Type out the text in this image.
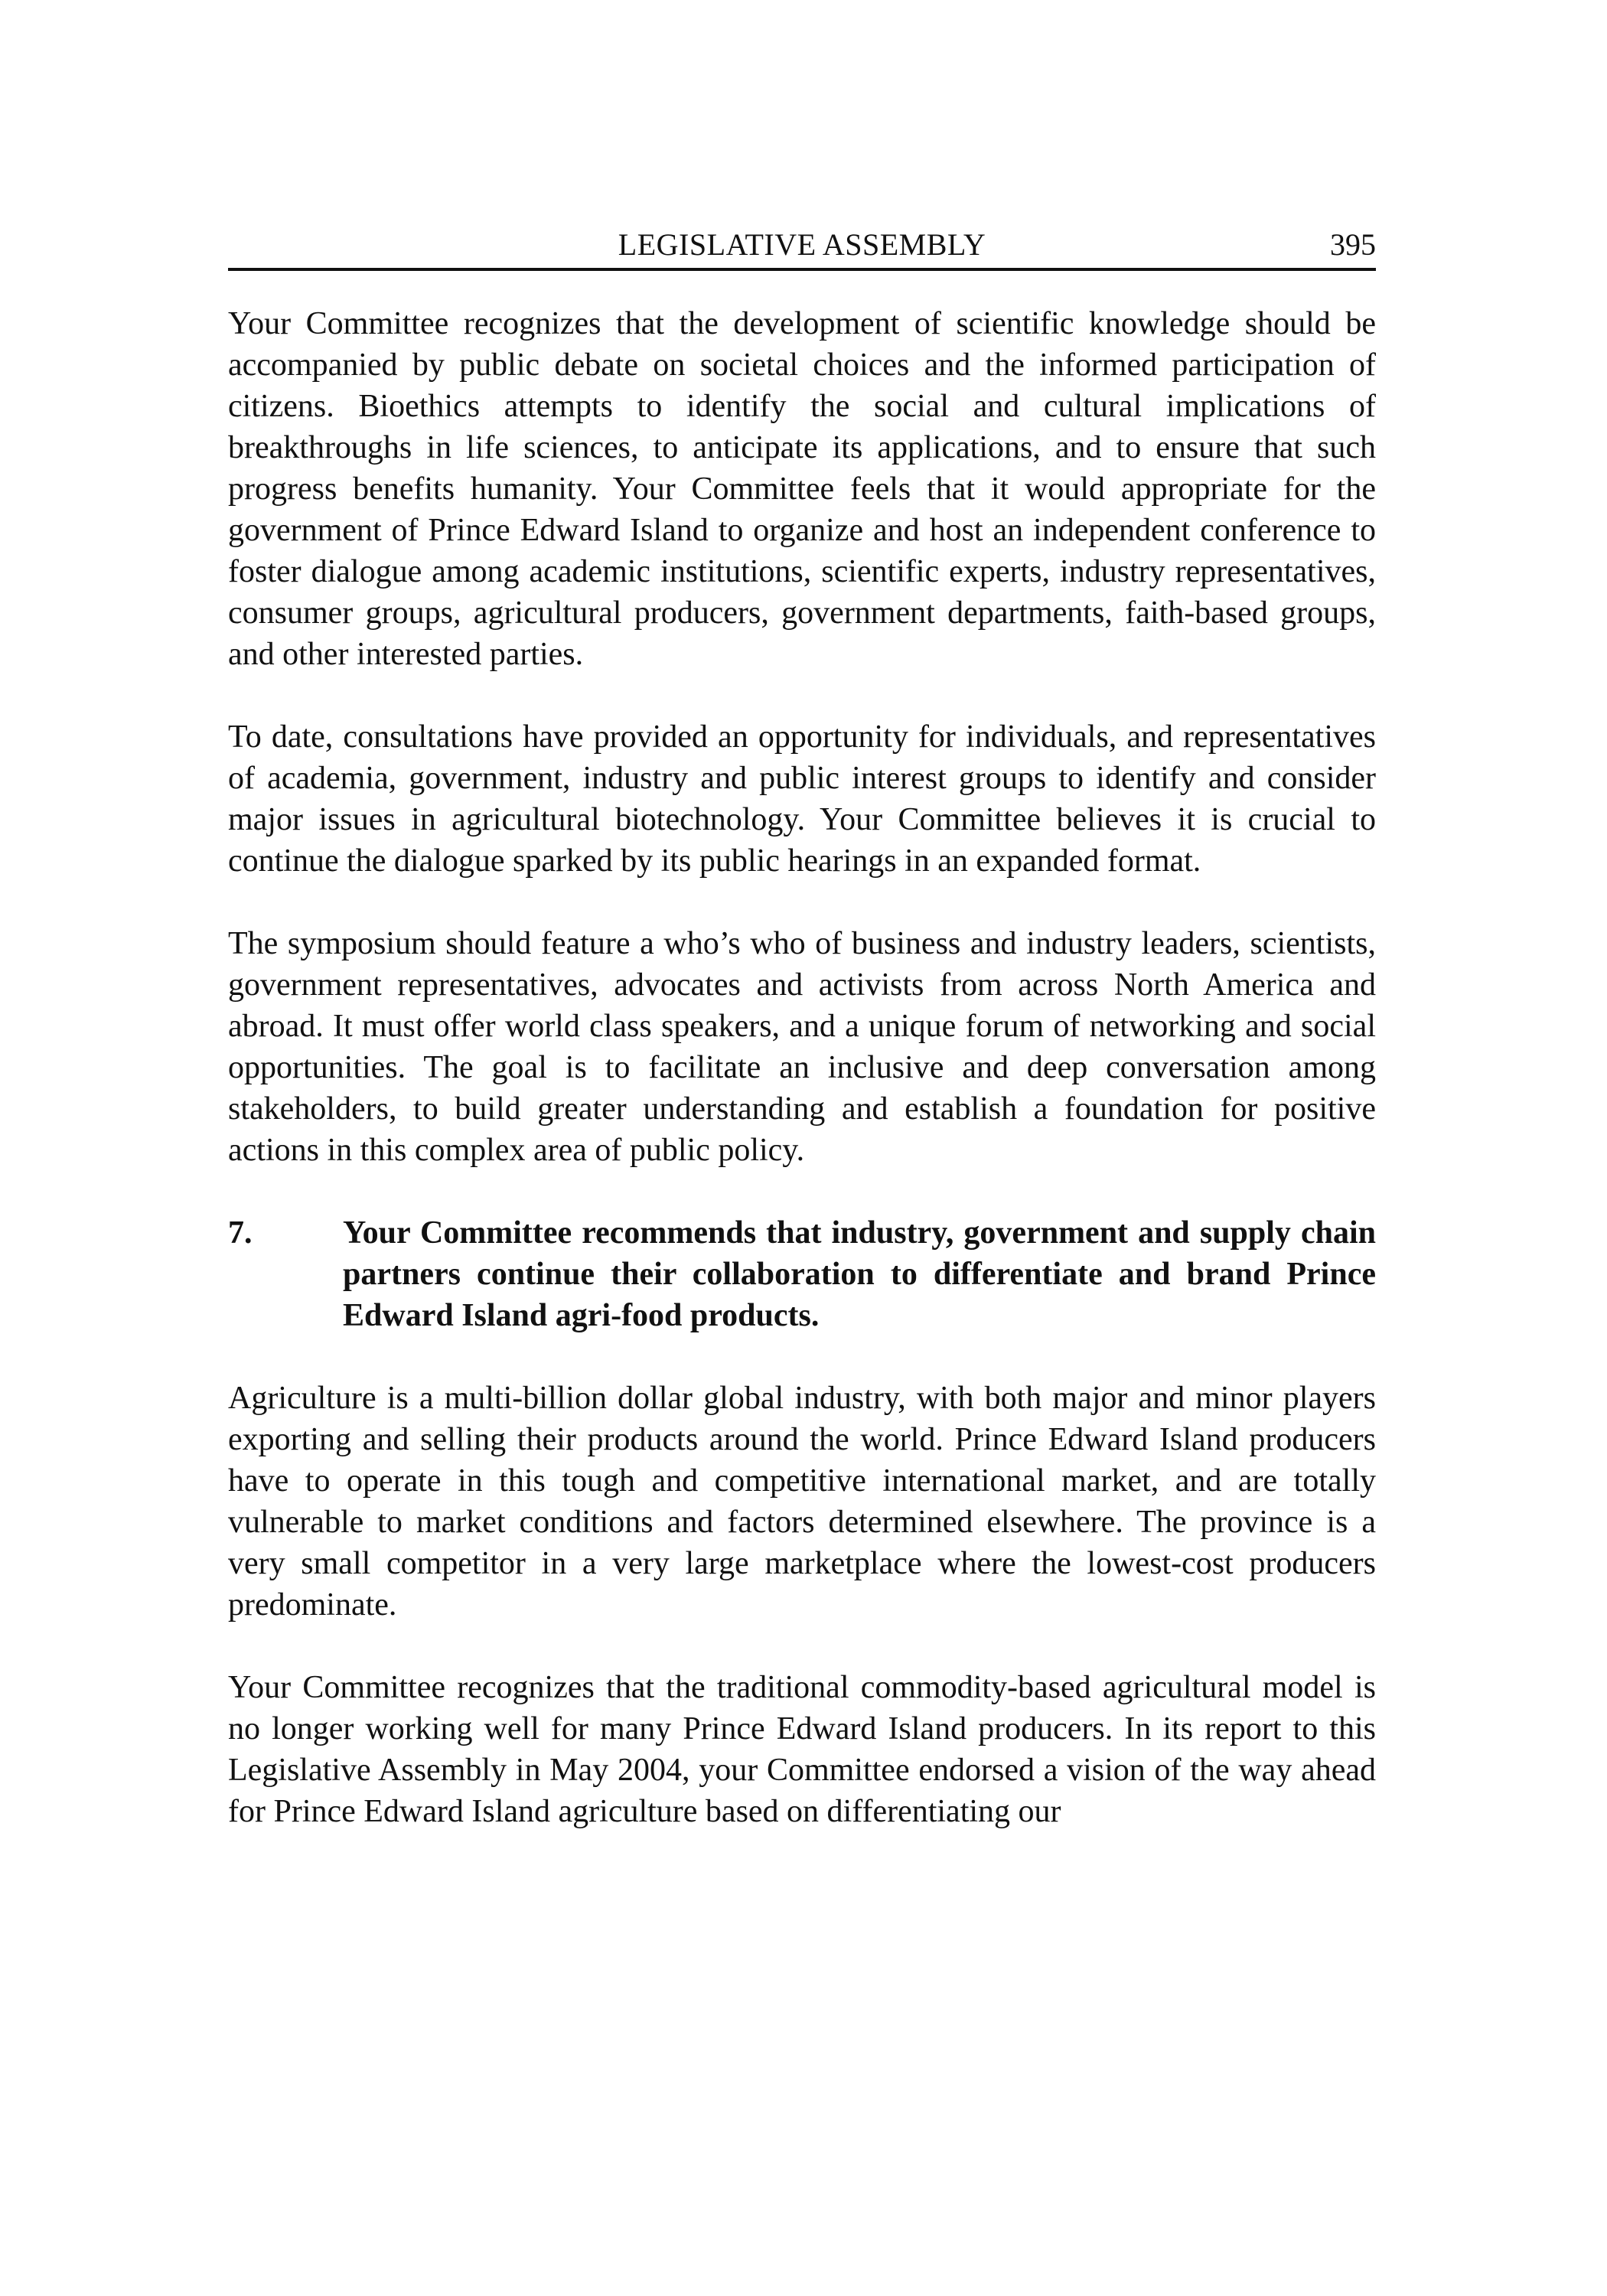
LEGISLATIVE ASSEMBLY	395

Your Committee recognizes that the development of scientific knowledge should be accompanied by public debate on societal choices and the informed participation of citizens. Bioethics attempts to identify the social and cultural implications of breakthroughs in life sciences, to anticipate its applications, and to ensure that such progress benefits humanity. Your Committee feels that it would appropriate for the government of Prince Edward Island to organize and host an independent conference to foster dialogue among academic institutions, scientific experts, industry representatives, consumer groups, agricultural producers, government departments, faith-based groups, and other interested parties.

To date, consultations have provided an opportunity for individuals, and representatives of academia, government, industry and public interest groups to identify and consider major issues in agricultural biotechnology. Your Committee believes it is crucial to continue the dialogue sparked by its public hearings in an expanded format.

The symposium should feature a who’s who of business and industry leaders, scientists, government representatives, advocates and activists from across North America and abroad. It must offer world class speakers, and a unique forum of networking and social opportunities. The goal is to facilitate an inclusive and deep conversation among stakeholders, to build greater understanding and establish a foundation for positive actions in this complex area of public policy.

7.	Your Committee recommends that industry, government and supply chain partners continue their collaboration to differentiate and brand Prince Edward Island agri-food products.

Agriculture is a multi-billion dollar global industry, with both major and minor players exporting and selling their products around the world. Prince Edward Island producers have to operate in this tough and competitive international market, and are totally vulnerable to market conditions and factors determined elsewhere. The province is a very small competitor in a very large marketplace where the lowest-cost producers predominate.

Your Committee recognizes that the traditional commodity-based agricultural model is no longer working well for many Prince Edward Island producers. In its report to this Legislative Assembly in May 2004, your Committee endorsed a vision of the way ahead for Prince Edward Island agriculture based on differentiating our
